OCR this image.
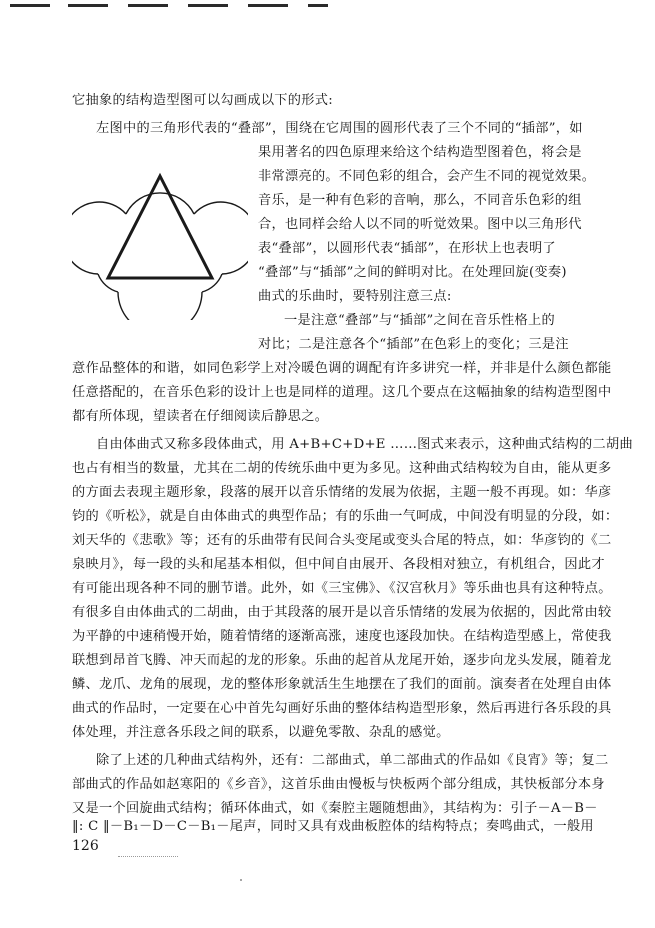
它抽象的结构造型图可以勾画成以下的形式:
左图中的三角形代表的“叠部”，围绕在它周围的圆形代表了三个不同的“插部”，如
果用著名的四色原理来给这个结构造型图着色，将会是
非常漂亮的。不同色彩的组合，会产生不同的视觉效果。
音乐，是一种有色彩的音响，那么，不同音乐色彩的组
合，也同样会给人以不同的听觉效果。图中以三角形代
表“叠部”，以圆形代表“插部”，在形状上也表明了
“叠部”与“插部”之间的鲜明对比。在处理回旋(变奏)
曲式的乐曲时，要特别注意三点:
一是注意“叠部”与“插部”之间在音乐性格上的
对比；二是注意各个“插部”在色彩上的变化；三是注
意作品整体的和谐，如同色彩学上对冷暖色调的调配有许多讲究一样，并非是什么颜色都能
任意搭配的，在音乐色彩的设计上也是同样的道理。这几个要点在这幅抽象的结构造型图中
都有所体现，望读者在仔细阅读后静思之。
自由体曲式又称多段体曲式，用 A+B+C+D+E ……图式来表示，这种曲式结构的二胡曲
也占有相当的数量，尤其在二胡的传统乐曲中更为多见。这种曲式结构较为自由，能从更多
的方面去表现主题形象，段落的展开以音乐情绪的发展为依据，主题一般不再现。如：华彦
钧的《听松》，就是自由体曲式的典型作品；有的乐曲一气呵成，中间没有明显的分段，如：
刘天华的《悲歌》等；还有的乐曲带有民间合头变尾或变头合尾的特点，如：华彦钧的《二
泉映月》，每一段的头和尾基本相似，但中间自由展开、各段相对独立，有机组合，因此才
有可能出现各种不同的删节谱。此外，如《三宝佛》、《汉宫秋月》等乐曲也具有这种特点。
有很多自由体曲式的二胡曲，由于其段落的展开是以音乐情绪的发展为依据的，因此常由较
为平静的中速稍慢开始，随着情绪的逐渐高涨，速度也逐段加快。在结构造型感上，常使我
联想到昂首飞腾、冲天而起的龙的形象。乐曲的起首从龙尾开始，逐步向龙头发展，随着龙
鳞、龙爪、龙角的展现，龙的整体形象就活生生地摆在了我们的面前。演奏者在处理自由体
曲式的作品时，一定要在心中首先勾画好乐曲的整体结构造型形象，然后再进行各乐段的具
体处理，并注意各乐段之间的联系，以避免零散、杂乱的感觉。
除了上述的几种曲式结构外，还有：二部曲式，单二部曲式的作品如《良宵》等；复二
部曲式的作品如赵寒阳的《乡音》，这首乐曲由慢板与快板两个部分组成，其快板部分本身
又是一个回旋曲式结构；循环体曲式，如《秦腔主题随想曲》，其结构为：引子－A－B－
‖: C ‖－B₁－D－C－B₁－尾声，同时又具有戏曲板腔体的结构特点；奏鸣曲式，一般用
126
